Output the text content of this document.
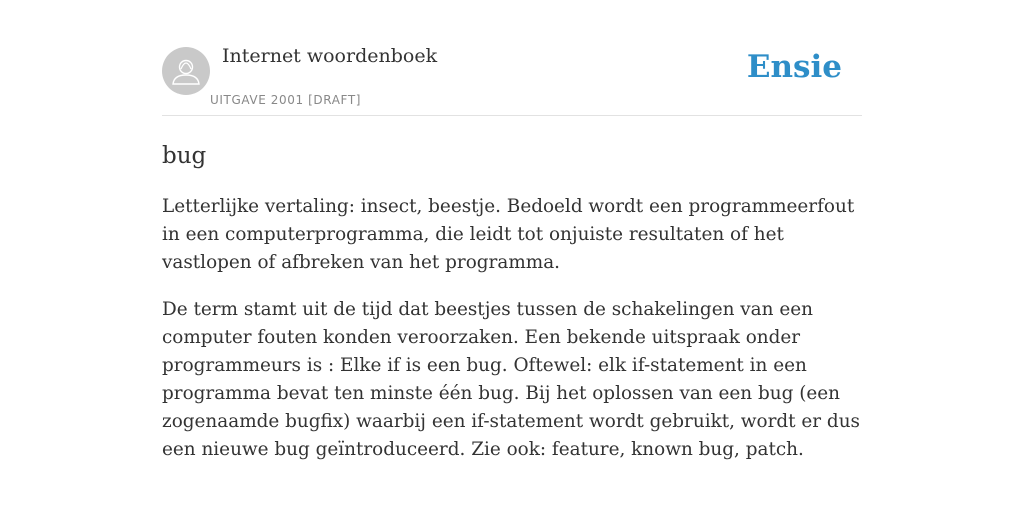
Internet woordenboek
UITGAVE 2001 [DRAFT]
Ensie
bug

Letterlijke vertaling: insect, beestje. Bedoeld wordt een programmeerfout in een computerprogramma, die leidt tot onjuiste resultaten of het vastlopen of afbreken van het programma.

De term stamt uit de tijd dat beestjes tussen de schakelingen van een computer fouten konden veroorzaken. Een bekende uitspraak onder programmeurs is : Elke if is een bug. Oftewel: elk if-statement in een programma bevat ten minste één bug. Bij het oplossen van een bug (een zogenaamde bugfix) waarbij een if-statement wordt gebruikt, wordt er dus een nieuwe bug geïntroduceerd. Zie ook: feature, known bug, patch.
